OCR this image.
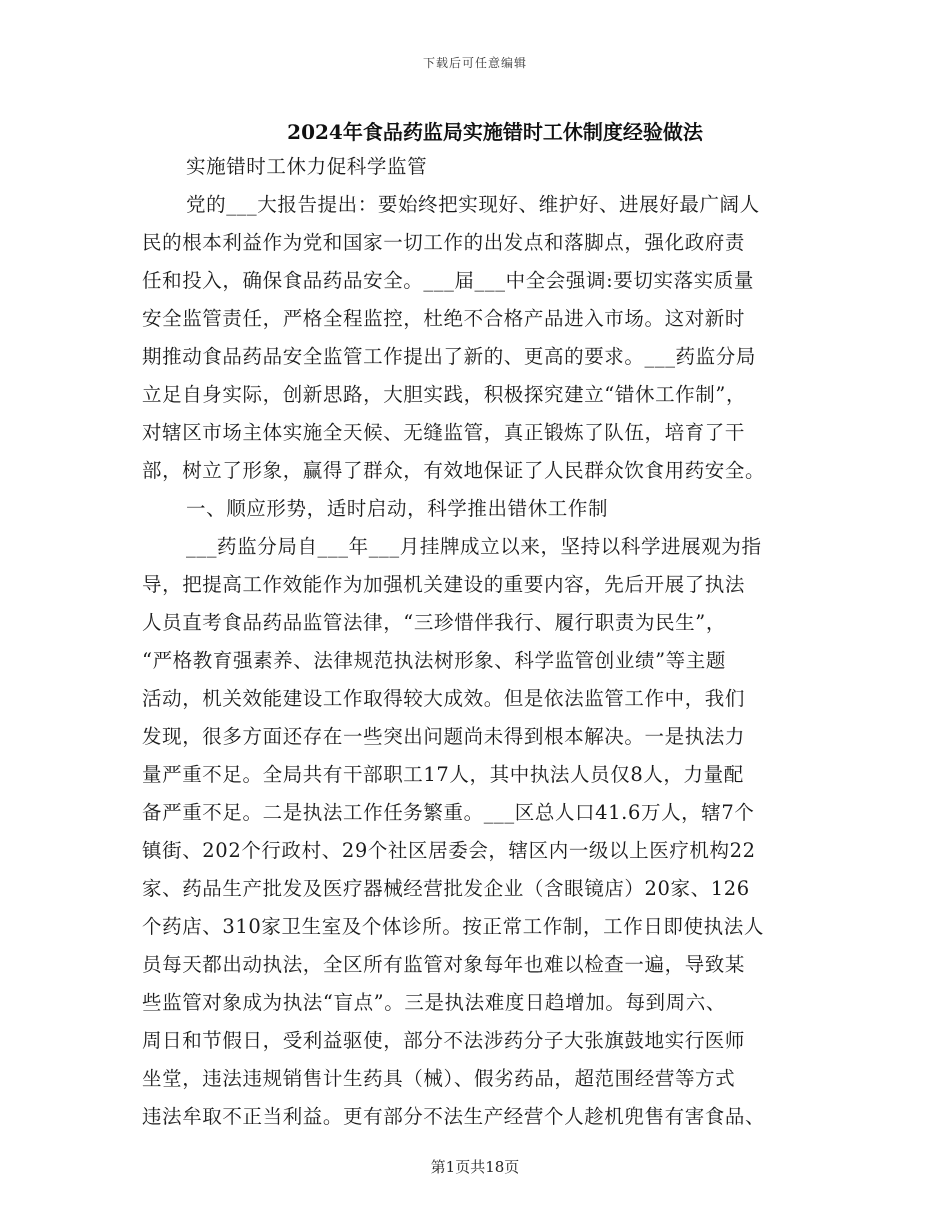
下载后可任意编辑
2024年食品药监局实施错时工休制度经验做法
实施错时工休力促科学监管
党的___大报告提出：要始终把实现好、维护好、进展好最广阔人
民的根本利益作为党和国家一切工作的出发点和落脚点，强化政府责
任和投入，确保食品药品安全。___届___中全会强调:要切实落实质量
安全监管责任，严格全程监控，杜绝不合格产品进入市场。这对新时
期推动食品药品安全监管工作提出了新的、更高的要求。___药监分局
立足自身实际，创新思路，大胆实践，积极探究建立“错休工作制”，
对辖区市场主体实施全天候、无缝监管，真正锻炼了队伍，培育了干
部，树立了形象，赢得了群众，有效地保证了人民群众饮食用药安全。
一、顺应形势，适时启动，科学推出错休工作制
___药监分局自___年___月挂牌成立以来，坚持以科学进展观为指
导，把提高工作效能作为加强机关建设的重要内容，先后开展了执法
人员直考食品药品监管法律，“三珍惜伴我行、履行职责为民生”，
“严格教育强素养、法律规范执法树形象、科学监管创业绩”等主题
活动，机关效能建设工作取得较大成效。但是依法监管工作中，我们
发现，很多方面还存在一些突出问题尚未得到根本解决。一是执法力
量严重不足。全局共有干部职工17人，其中执法人员仅8人，力量配
备严重不足。二是执法工作任务繁重。___区总人口41.6万人，辖7个
镇街、202个行政村、29个社区居委会，辖区内一级以上医疗机构22
家、药品生产批发及医疗器械经营批发企业（含眼镜店）20家、126
个药店、310家卫生室及个体诊所。按正常工作制，工作日即使执法人
员每天都出动执法，全区所有监管对象每年也难以检查一遍，导致某
些监管对象成为执法“盲点”。三是执法难度日趋增加。每到周六、
周日和节假日，受利益驱使，部分不法涉药分子大张旗鼓地实行医师
坐堂，违法违规销售计生药具（械）、假劣药品，超范围经营等方式
违法牟取不正当利益。更有部分不法生产经营个人趁机兜售有害食品、
第1页共18页
